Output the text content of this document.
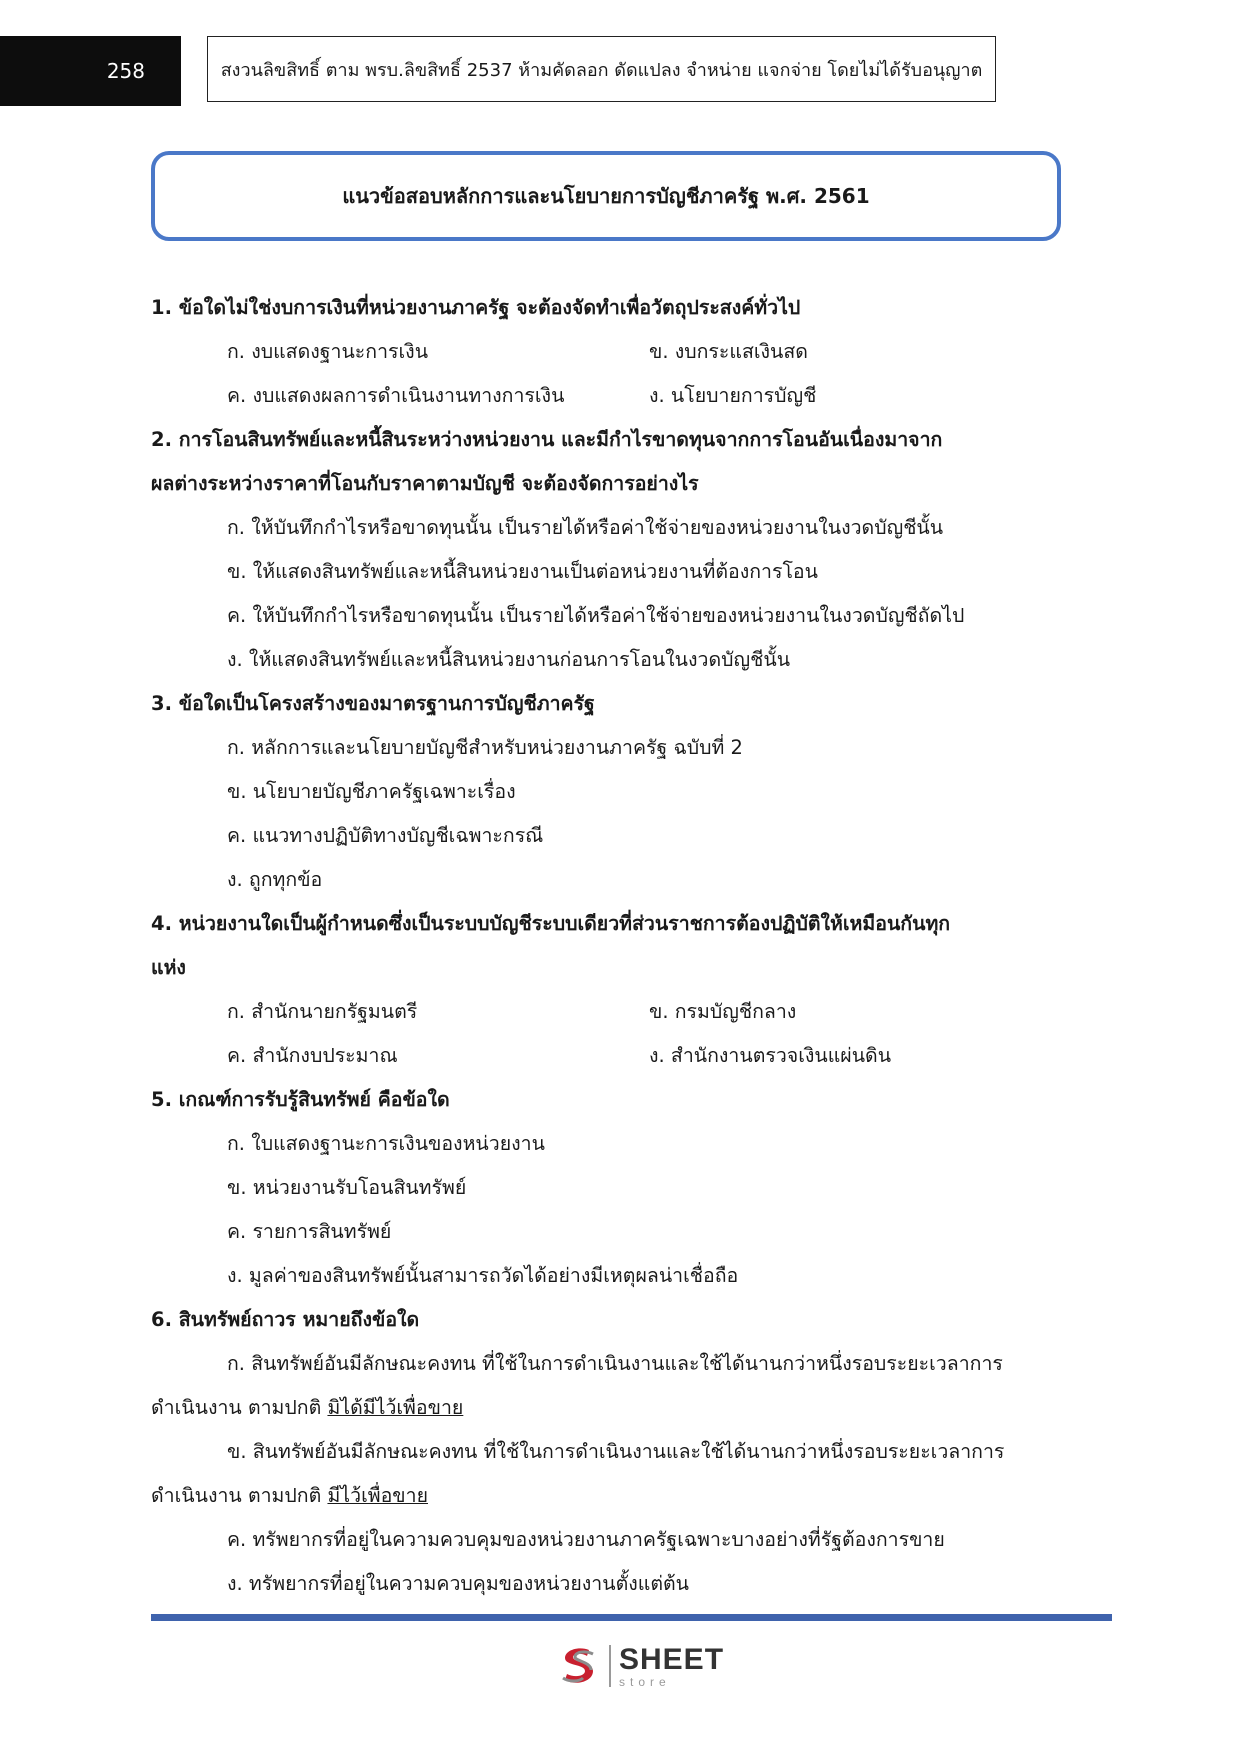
258	สงวนลิขสิทธิ์ ตาม พรบ.ลิขสิทธิ์ 2537 ห้ามคัดลอก ดัดแปลง จำหน่าย แจกจ่าย โดยไม่ได้รับอนุญาต
แนวข้อสอบหลักการและนโยบายการบัญชีภาครัฐ พ.ศ. 2561
1. ข้อใดไม่ใช่งบการเงินที่หน่วยงานภาครัฐ จะต้องจัดทำเพื่อวัตถุประสงค์ทั่วไป
ก. งบแสดงฐานะการเงิน	ข. งบกระแสเงินสด
ค. งบแสดงผลการดำเนินงานทางการเงิน	ง. นโยบายการบัญชี
2. การโอนสินทรัพย์และหนี้สินระหว่างหน่วยงาน และมีกำไรขาดทุนจากการโอนอันเนื่องมาจาก
ผลต่างระหว่างราคาที่โอนกับราคาตามบัญชี จะต้องจัดการอย่างไร
ก. ให้บันทึกกำไรหรือขาดทุนนั้น เป็นรายได้หรือค่าใช้จ่ายของหน่วยงานในงวดบัญชีนั้น
ข. ให้แสดงสินทรัพย์และหนี้สินหน่วยงานเป็นต่อหน่วยงานที่ต้องการโอน
ค. ให้บันทึกกำไรหรือขาดทุนนั้น เป็นรายได้หรือค่าใช้จ่ายของหน่วยงานในงวดบัญชีถัดไป
ง. ให้แสดงสินทรัพย์และหนี้สินหน่วยงานก่อนการโอนในงวดบัญชีนั้น
3. ข้อใดเป็นโครงสร้างของมาตรฐานการบัญชีภาครัฐ
ก. หลักการและนโยบายบัญชีสำหรับหน่วยงานภาครัฐ ฉบับที่ 2
ข. นโยบายบัญชีภาครัฐเฉพาะเรื่อง
ค. แนวทางปฏิบัติทางบัญชีเฉพาะกรณี
ง. ถูกทุกข้อ
4. หน่วยงานใดเป็นผู้กำหนดซึ่งเป็นระบบบัญชีระบบเดียวที่ส่วนราชการต้องปฏิบัติให้เหมือนกันทุก
แห่ง
ก. สำนักนายกรัฐมนตรี	ข. กรมบัญชีกลาง
ค. สำนักงบประมาณ	ง. สำนักงานตรวจเงินแผ่นดิน
5. เกณฑ์การรับรู้สินทรัพย์ คือข้อใด
ก. ใบแสดงฐานะการเงินของหน่วยงาน
ข. หน่วยงานรับโอนสินทรัพย์
ค. รายการสินทรัพย์
ง. มูลค่าของสินทรัพย์นั้นสามารถวัดได้อย่างมีเหตุผลน่าเชื่อถือ
6. สินทรัพย์ถาวร หมายถึงข้อใด
ก. สินทรัพย์อันมีลักษณะคงทน ที่ใช้ในการดำเนินงานและใช้ได้นานกว่าหนึ่งรอบระยะเวลาการ
ดำเนินงาน ตามปกติ มิได้มีไว้เพื่อขาย
ข. สินทรัพย์อันมีลักษณะคงทน ที่ใช้ในการดำเนินงานและใช้ได้นานกว่าหนึ่งรอบระยะเวลาการ
ดำเนินงาน ตามปกติ มีไว้เพื่อขาย
ค. ทรัพยากรที่อยู่ในความควบคุมของหน่วยงานภาครัฐเฉพาะบางอย่างที่รัฐต้องการขาย
ง. ทรัพยากรที่อยู่ในความควบคุมของหน่วยงานตั้งแต่ต้น
SHEET
store
